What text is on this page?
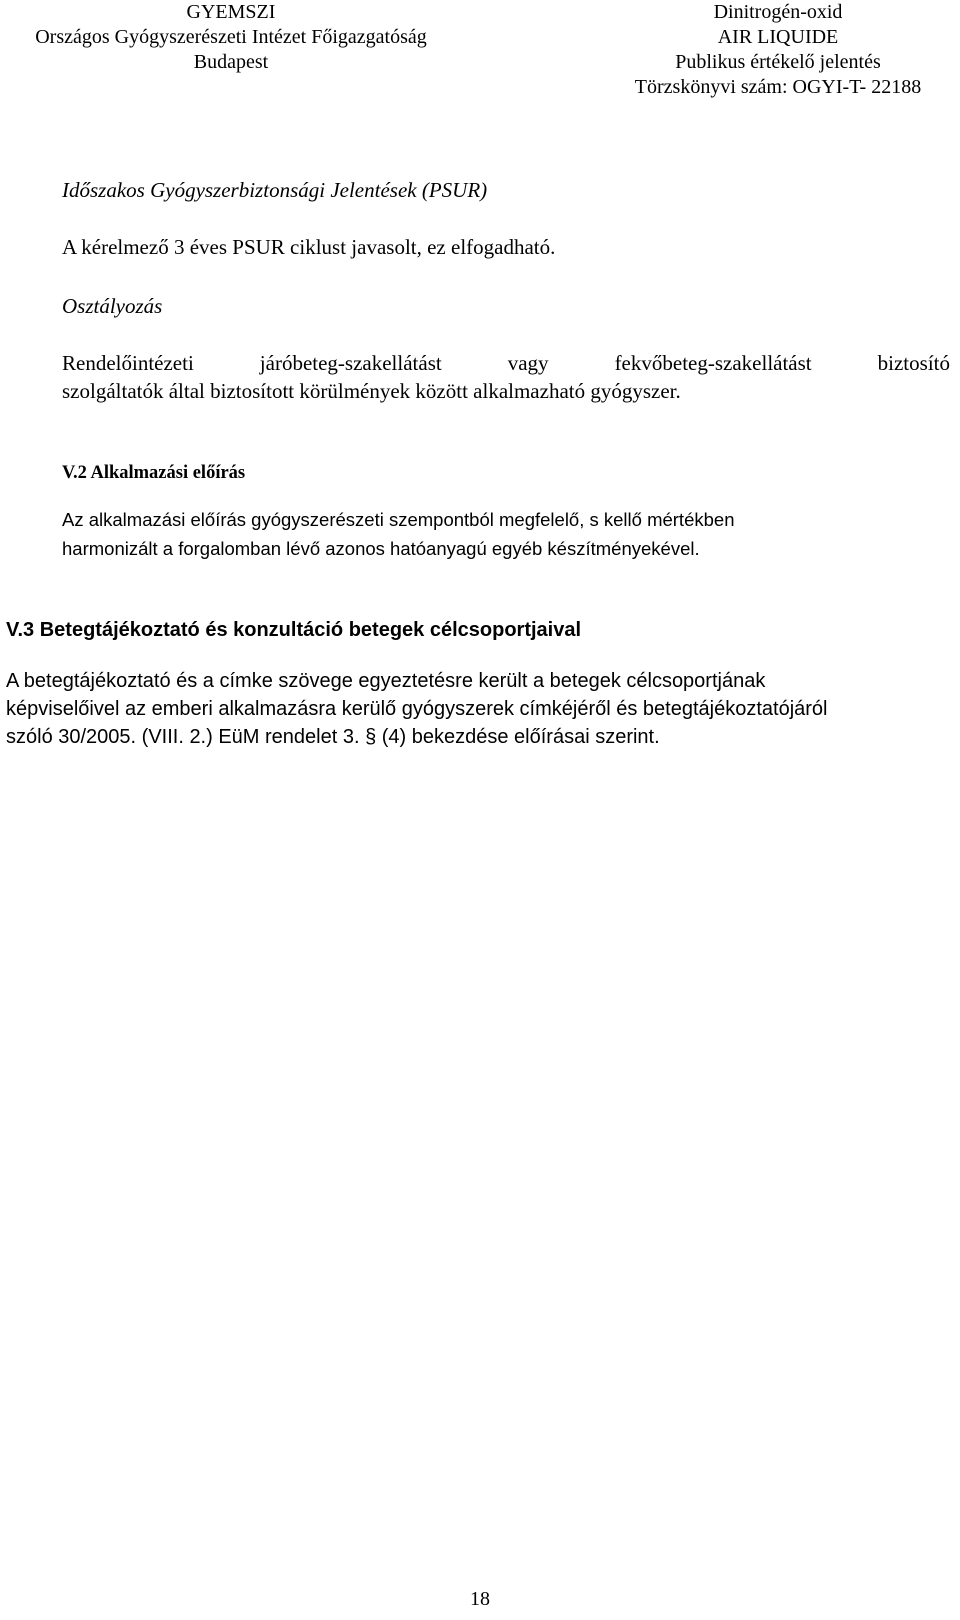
GYEMSZI
Országos Gyógyszerészeti Intézet Főigazgatóság
Budapest
Dinitrogén-oxid
AIR LIQUIDE
Publikus értékelő jelentés
Törzskönyvi szám: OGYI-T- 22188
Időszakos Gyógyszerbiztonsági Jelentések (PSUR)
A kérelmező 3 éves PSUR ciklust javasolt, ez elfogadható.
Osztályozás
Rendelőintézeti járóbeteg-szakellátást vagy fekvőbeteg-szakellátást biztosító
szolgáltatók által biztosított körülmények között alkalmazható gyógyszer.
V.2 Alkalmazási előírás
Az alkalmazási előírás gyógyszerészeti szempontból megfelelő, s kellő mértékben
harmonizált a forgalomban lévő azonos hatóanyagú egyéb készítményekével.
V.3 Betegtájékoztató és konzultáció betegek célcsoportjaival
A betegtájékoztató és a címke szövege egyeztetésre került a betegek célcsoportjának
képviselőivel az emberi alkalmazásra kerülő gyógyszerek címkéjéről és betegtájékoztatójáról
szóló 30/2005. (VIII. 2.) EüM rendelet 3. § (4) bekezdése előírásai szerint.
18
